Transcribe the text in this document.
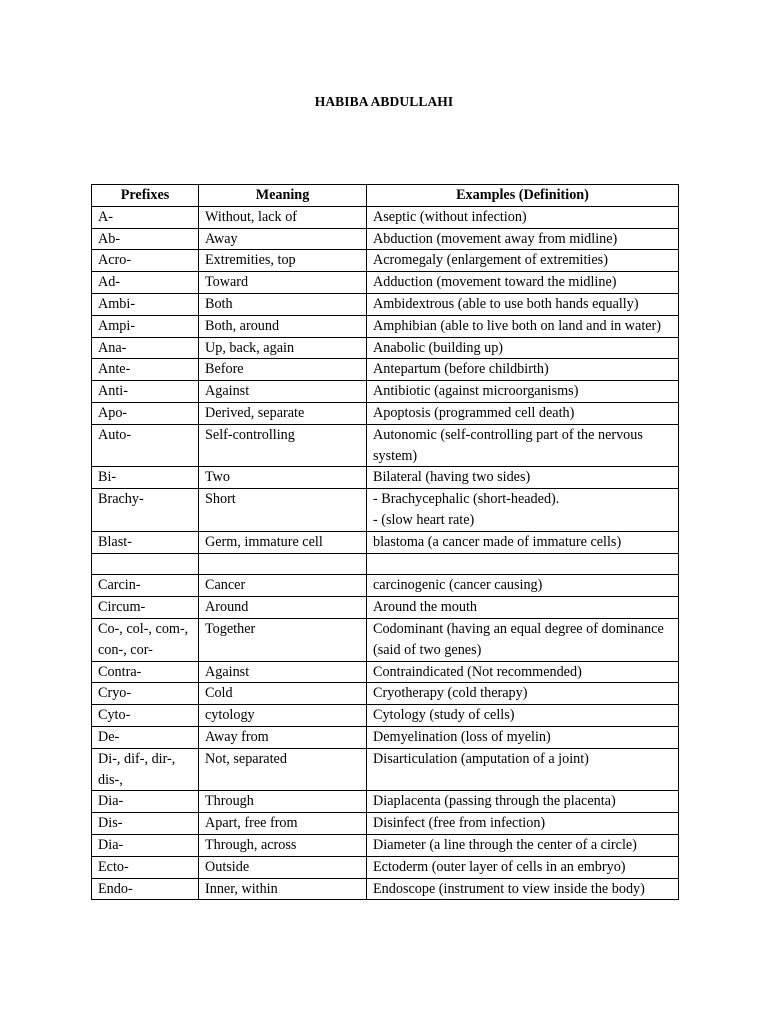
HABIBA ABDULLAHI
Prefixes	Meaning	Examples (Definition)
A-	Without, lack of	Aseptic (without infection)
Ab-	Away	Abduction (movement away from midline)
Acro-	Extremities, top	Acromegaly (enlargement of extremities)
Ad-	Toward	Adduction (movement toward the midline)
Ambi-	Both	Ambidextrous (able to use both hands equally)
Ampi-	Both, around	Amphibian (able to live both on land and in water)
Ana-	Up, back, again	Anabolic (building up)
Ante-	Before	Antepartum (before childbirth)
Anti-	Against	Antibiotic (against microorganisms)
Apo-	Derived, separate	Apoptosis (programmed cell death)
Auto-	Self-controlling	Autonomic (self-controlling part of the nervous system)
Bi-	Two	Bilateral (having two sides)
Brachy-	Short	- Brachycephalic (short-headed).
- (slow heart rate)

Blast-	Germ, immature cell	blastoma (a cancer made of immature cells)

Carcin-	Cancer	carcinogenic (cancer causing)
Circum-	Around	Around the mouth
Co-, col-, com-, con-, cor-	Together	Codominant (having an equal degree of dominance (said of two genes)
Contra-	Against	Contraindicated (Not recommended)
Cryo-	Cold	Cryotherapy (cold therapy)
Cyto-	cytology	Cytology (study of cells)
De-	Away from	Demyelination (loss of myelin)
Di-, dif-, dir-, dis-,	Not, separated	Disarticulation (amputation of a joint)
Dia-	Through	Diaplacenta (passing through the placenta)
Dis-	Apart, free from	Disinfect (free from infection)
Dia-	Through, across	Diameter (a line through the center of a circle)
Ecto-	Outside	Ectoderm (outer layer of cells in an embryo)
Endo-	Inner, within	Endoscope (instrument to view inside the body)
